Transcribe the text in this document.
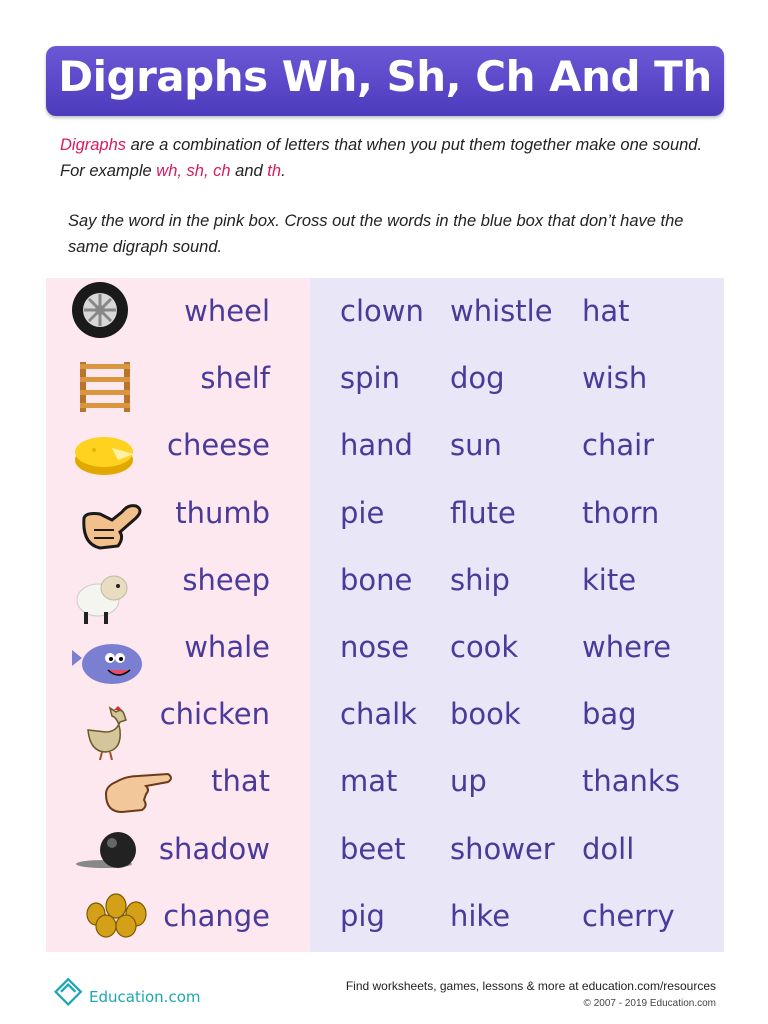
Digraphs Wh, Sh, Ch And Th
Digraphs are a combination of letters that when you put them together make one sound.
For example wh, sh, ch and th.
Say the word in the pink box. Cross out the words in the blue box that don’t have the same digraph sound.
wheel clown whistle hat
shelf spin dog	wish
cheese hand sun	chair
thumb pie flute thorn
sheep bone ship kite
whale nose cook where
chicken chalk book bag
that mat up	thanks
shadow beet shower doll
change pig hike cherry
Education.com
Find worksheets, games, lessons & more at education.com/resources
© 2007 - 2019 Education.com
